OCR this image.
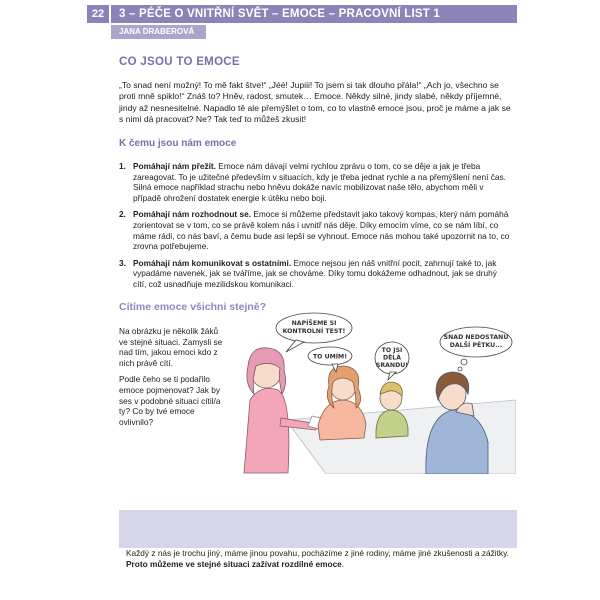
22	3 – PÉČE O VNITŘNÍ SVĚT – EMOCE – PRACOVNÍ LIST 1
JANA DRABEROVÁ
CO JSOU TO EMOCE

„To snad není možný! To mě fakt štve!“ „Jéé! Jupiii! To jsem si tak dlouho přála!“ „Ach jo, všechno se proti mně spiklo!“ Znáš to? Hněv, radost, smutek… Emoce. Někdy silné, jindy slabé, někdy příjemné, jindy až nesnesitelné. Napadlo tě ale přemýšlet o tom, co to vlastně emoce jsou, proč je máme a jak se s nimi dá pracovat? Ne? Tak teď to můžeš zkusit!

K čemu jsou nám emoce
1. Pomáhají nám přežít. Emoce nám dávají velmi rychlou zprávu o tom, co se děje a jak je třeba zareagovat. To je užitečné především v situacích, kdy je třeba jednat rychle a na přemýšlení není čas. Silná emoce například strachu nebo hněvu dokáže navíc mobilizovat naše tělo, abychom měli v případě ohrožení dostatek energie k útěku nebo boji.
2. Pomáhají nám rozhodnout se. Emoce si můžeme představit jako takový kompas, který nám pomáhá zorientovat se v tom, co se právě kolem nás i uvnitř nás děje. Díky emocím víme, co se nám líbí, co máme rádi, co nás baví, a čemu bude asi lepší se vyhnout. Emoce nás mohou také upozornit na to, co zrovna potřebujeme.
3. Pomáhají nám komunikovat s ostatními. Emoce nejsou jen náš vnitřní pocit, zahrnují také to, jak vypadáme navenek, jak se tváříme, jak se chováme. Díky tomu dokážeme odhadnout, jak se druhý cítí, což usnadňuje mezilidskou komunikaci.
Cítíme emoce všichni stejně?

Na obrázku je několik žáků ve stejné situaci. Zamysli se nad tím, jakou emoci kdo z nich právě cítí.

Podle čeho se ti podařilo emoce pojmenovat? Jak by ses v podobné situaci cítil/a ty? Co by tvé emoce ovlivnilo?

NAPÍŠEME SI
KONTROLNÍ TEST!
TO UMÍM!
TO JSI
DĚLÁ
SRANDU!
SNAD NEDOSTANU
DALŠÍ PĚTKU...
Každý z nás je trochu jiný, máme jinou povahu, pocházíme z jiné rodiny, máme jiné zkušenosti a zážitky. Proto můžeme ve stejné situaci zažívat rozdílné emoce.
